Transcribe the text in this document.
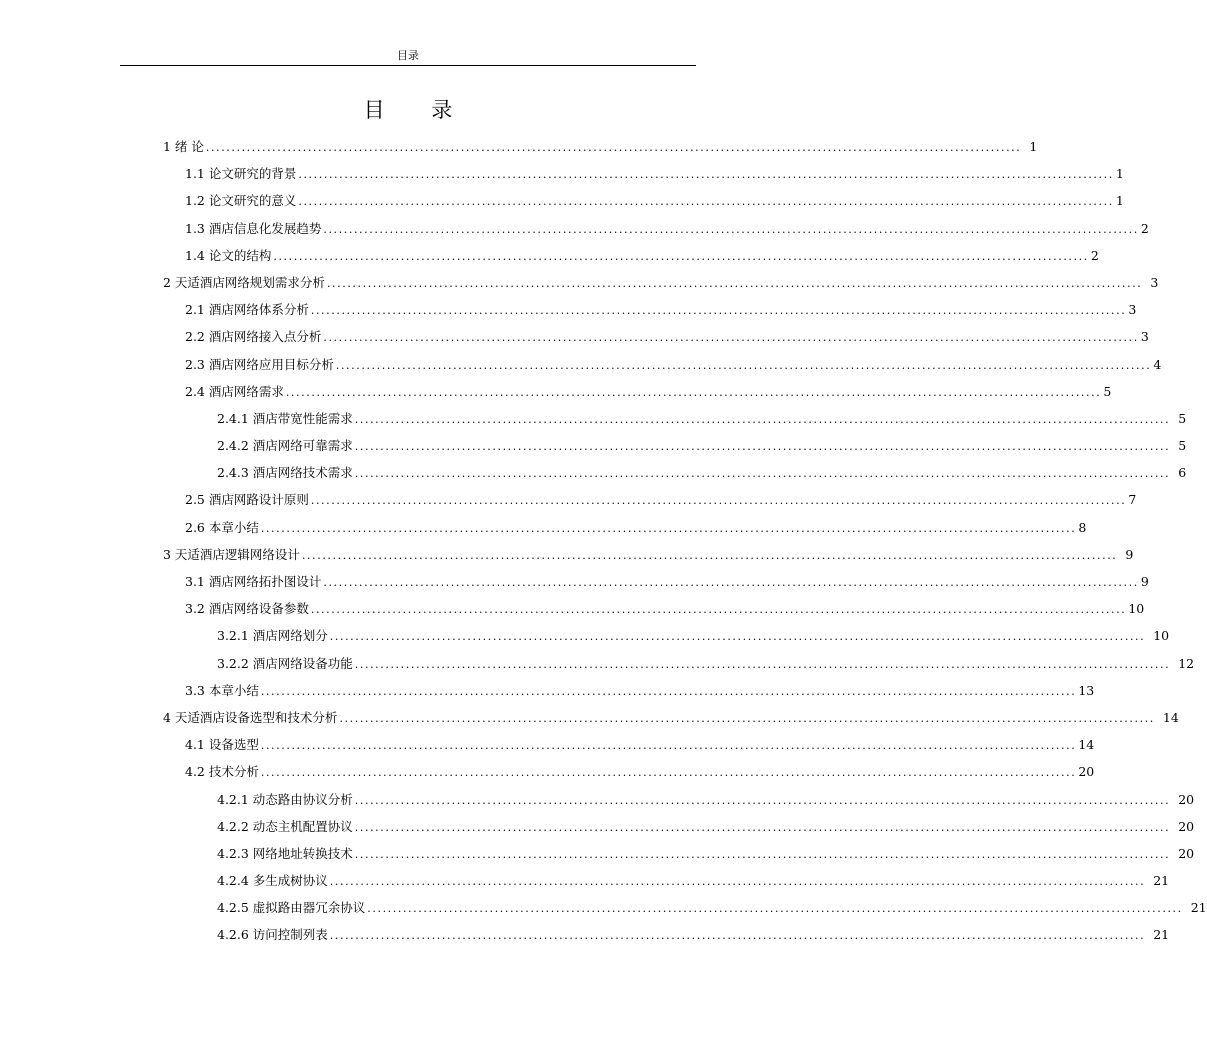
目录
目 录
1 绪 论 ................................................................................................................................................................ 1
1.1 论文研究的背景 ................................................................................................................................................................ 1
1.2 论文研究的意义 ................................................................................................................................................................ 1
1.3 酒店信息化发展趋势 ................................................................................................................................................................ 2
1.4 论文的结构 ................................................................................................................................................................ 2
2 天适酒店网络规划需求分析 ................................................................................................................................................................ 3
2.1 酒店网络体系分析 ................................................................................................................................................................ 3
2.2 酒店网络接入点分析 ................................................................................................................................................................ 3
2.3 酒店网络应用目标分析 ................................................................................................................................................................ 4
2.4 酒店网络需求 ................................................................................................................................................................ 5
2.4.1 酒店带宽性能需求 ................................................................................................................................................................ 5
2.4.2 酒店网络可靠需求 ................................................................................................................................................................ 5
2.4.3 酒店网络技术需求 ................................................................................................................................................................ 6
2.5 酒店网路设计原则 ................................................................................................................................................................ 7
2.6 本章小结 ................................................................................................................................................................ 8
3 天适酒店逻辑网络设计 ................................................................................................................................................................ 9
3.1 酒店网络拓扑图设计 ................................................................................................................................................................ 9
3.2 酒店网络设备参数 ................................................................................................................................................................ 10
3.2.1 酒店网络划分 ................................................................................................................................................................ 10
3.2.2 酒店网络设备功能 ................................................................................................................................................................ 12
3.3 本章小结 ................................................................................................................................................................ 13
4 天适酒店设备选型和技术分析 ................................................................................................................................................................ 14
4.1 设备选型 ................................................................................................................................................................ 14
4.2 技术分析 ................................................................................................................................................................ 20
4.2.1 动态路由协议分析 ................................................................................................................................................................ 20
4.2.2 动态主机配置协议 ................................................................................................................................................................ 20
4.2.3 网络地址转换技术 ................................................................................................................................................................ 20
4.2.4 多生成树协议 ................................................................................................................................................................ 21
4.2.5 虚拟路由器冗余协议 ................................................................................................................................................................ 21
4.2.6 访问控制列表 ................................................................................................................................................................ 21
